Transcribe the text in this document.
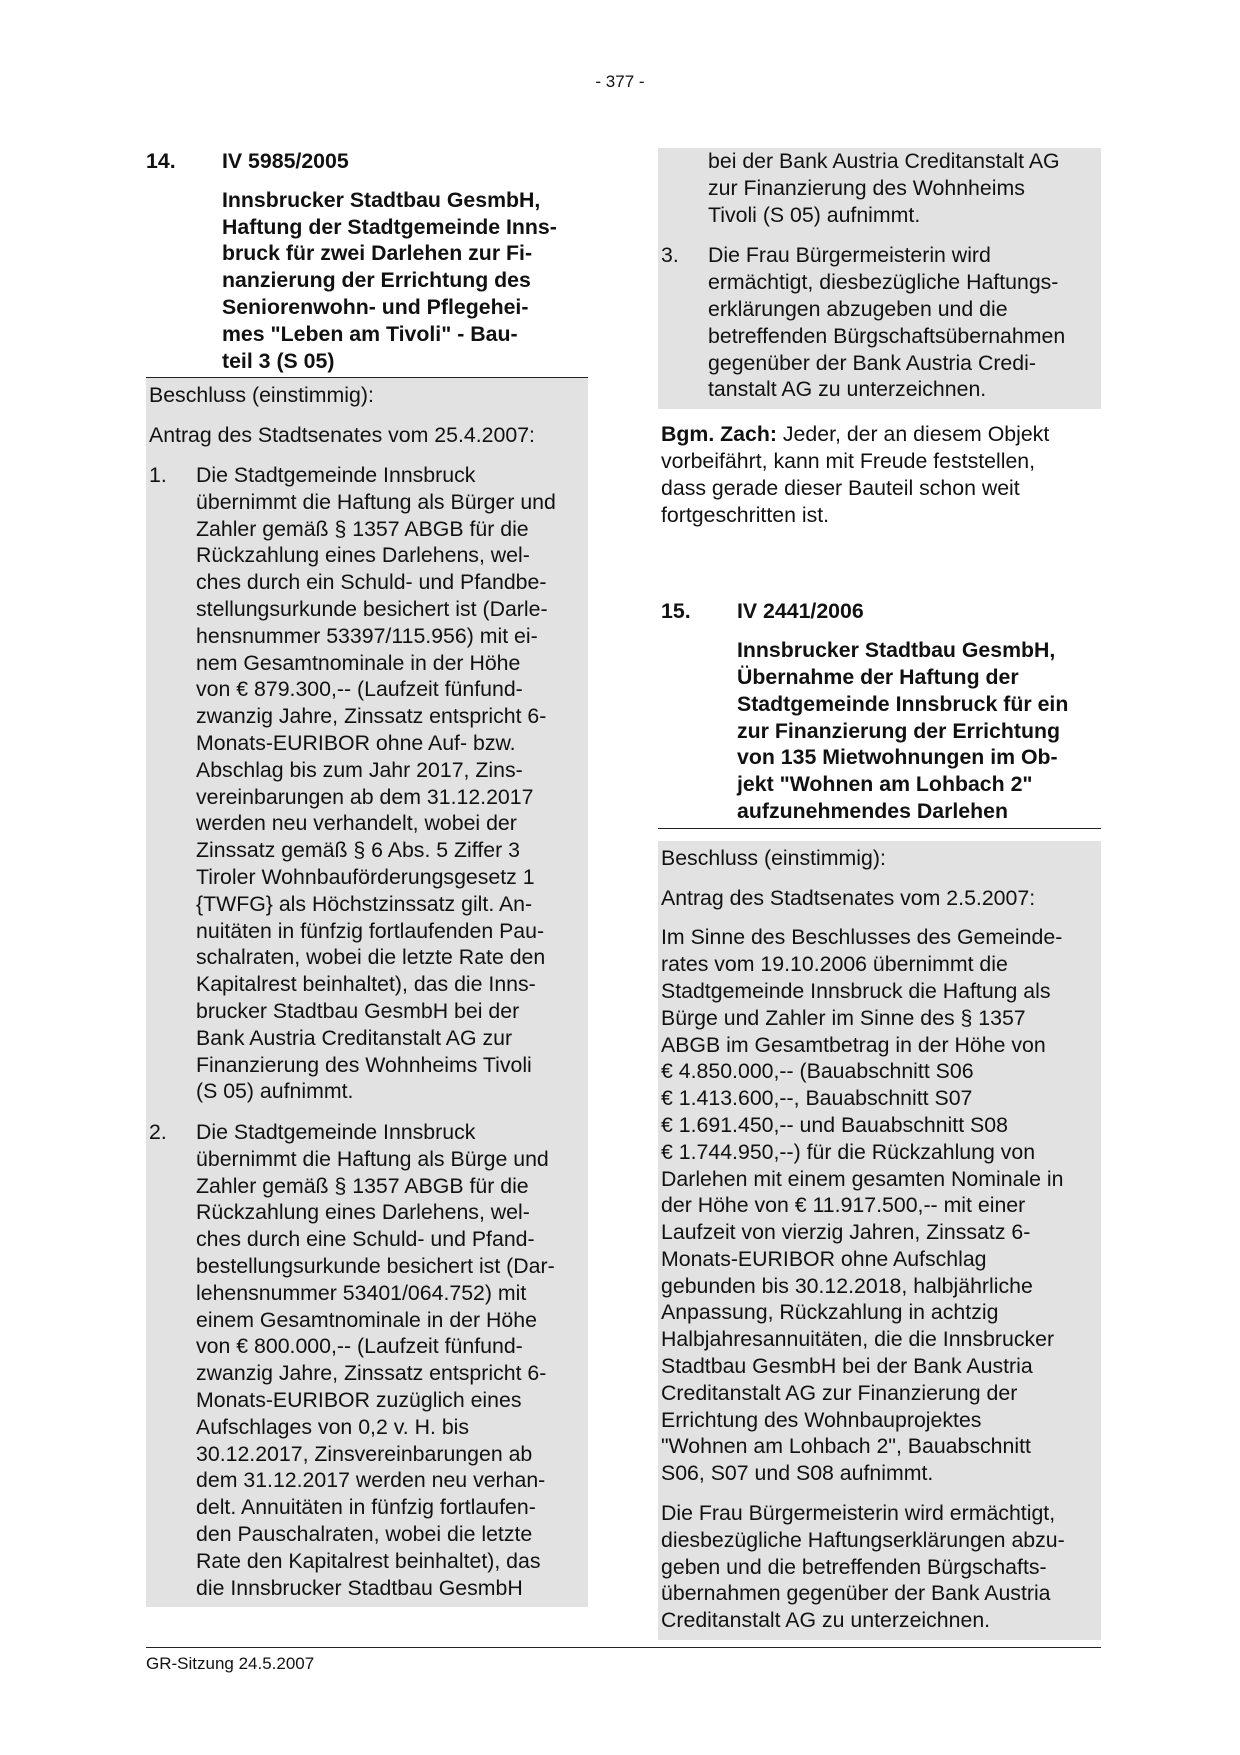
- 377 -
14.	IV 5985/2005
Innsbrucker Stadtbau GesmbH,
Haftung der Stadtgemeinde Inns-
bruck für zwei Darlehen zur Fi-
nanzierung der Errichtung des
Seniorenwohn- und Pflegehei-
mes "Leben am Tivoli" - Bau-
teil 3 (S 05)
Beschluss (einstimmig):
Antrag des Stadtsenates vom 25.4.2007:
1.	Die Stadtgemeinde Innsbruck
übernimmt die Haftung als Bürger und
Zahler gemäß § 1357 ABGB für die
Rückzahlung eines Darlehens, wel-
ches durch ein Schuld- und Pfandbe-
stellungsurkunde besichert ist (Darle-
hensnummer 53397/115.956) mit ei-
nem Gesamtnominale in der Höhe
von € 879.300,-- (Laufzeit fünfund-
zwanzig Jahre, Zinssatz entspricht 6-
Monats-EURIBOR ohne Auf- bzw.
Abschlag bis zum Jahr 2017, Zins-
vereinbarungen ab dem 31.12.2017
werden neu verhandelt, wobei der
Zinssatz gemäß § 6 Abs. 5 Ziffer 3
Tiroler Wohnbauförderungsgesetz 1
{TWFG} als Höchstzinssatz gilt. An-
nuitäten in fünfzig fortlaufenden Pau-
schalraten, wobei die letzte Rate den
Kapitalrest beinhaltet), das die Inns-
brucker Stadtbau GesmbH bei der
Bank Austria Creditanstalt AG zur
Finanzierung des Wohnheims Tivoli
(S 05) aufnimmt.
2.	Die Stadtgemeinde Innsbruck
übernimmt die Haftung als Bürge und
Zahler gemäß § 1357 ABGB für die
Rückzahlung eines Darlehens, wel-
ches durch eine Schuld- und Pfand-
bestellungsurkunde besichert ist (Dar-
lehensnummer 53401/064.752) mit
einem Gesamtnominale in der Höhe
von € 800.000,-- (Laufzeit fünfund-
zwanzig Jahre, Zinssatz entspricht 6-
Monats-EURIBOR zuzüglich eines
Aufschlages von 0,2 v. H. bis
30.12.2017, Zinsvereinbarungen ab
dem 31.12.2017 werden neu verhan-
delt. Annuitäten in fünfzig fortlaufen-
den Pauschalraten, wobei die letzte
Rate den Kapitalrest beinhaltet), das
die Innsbrucker Stadtbau GesmbH
bei der Bank Austria Creditanstalt AG
zur Finanzierung des Wohnheims
Tivoli (S 05) aufnimmt.
3.	Die Frau Bürgermeisterin wird
ermächtigt, diesbezügliche Haftungs-
erklärungen abzugeben und die
betreffenden Bürgschaftsübernahmen
gegenüber der Bank Austria Credi-
tanstalt AG zu unterzeichnen.
Bgm. Zach: Jeder, der an diesem Objekt
vorbeifährt, kann mit Freude feststellen,
dass gerade dieser Bauteil schon weit
fortgeschritten ist.
15.	IV 2441/2006
Innsbrucker Stadtbau GesmbH,
Übernahme der Haftung der
Stadtgemeinde Innsbruck für ein
zur Finanzierung der Errichtung
von 135 Mietwohnungen im Ob-
jekt "Wohnen am Lohbach 2"
aufzunehmendes Darlehen
Beschluss (einstimmig):
Antrag des Stadtsenates vom 2.5.2007:
Im Sinne des Beschlusses des Gemeinde-
rates vom 19.10.2006 übernimmt die
Stadtgemeinde Innsbruck die Haftung als
Bürge und Zahler im Sinne des § 1357
ABGB im Gesamtbetrag in der Höhe von
€ 4.850.000,-- (Bauabschnitt S06
€ 1.413.600,--, Bauabschnitt S07
€ 1.691.450,-- und Bauabschnitt S08
€ 1.744.950,--) für die Rückzahlung von
Darlehen mit einem gesamten Nominale in
der Höhe von € 11.917.500,-- mit einer
Laufzeit von vierzig Jahren, Zinssatz 6-
Monats-EURIBOR ohne Aufschlag
gebunden bis 30.12.2018, halbjährliche
Anpassung, Rückzahlung in achtzig
Halbjahresannuitäten, die die Innsbrucker
Stadtbau GesmbH bei der Bank Austria
Creditanstalt AG zur Finanzierung der
Errichtung des Wohnbauprojektes
"Wohnen am Lohbach 2", Bauabschnitt
S06, S07 und S08 aufnimmt.
Die Frau Bürgermeisterin wird ermächtigt,
diesbezügliche Haftungserklärungen abzu-
geben und die betreffenden Bürgschafts-
übernahmen gegenüber der Bank Austria
Creditanstalt AG zu unterzeichnen.
GR-Sitzung 24.5.2007
